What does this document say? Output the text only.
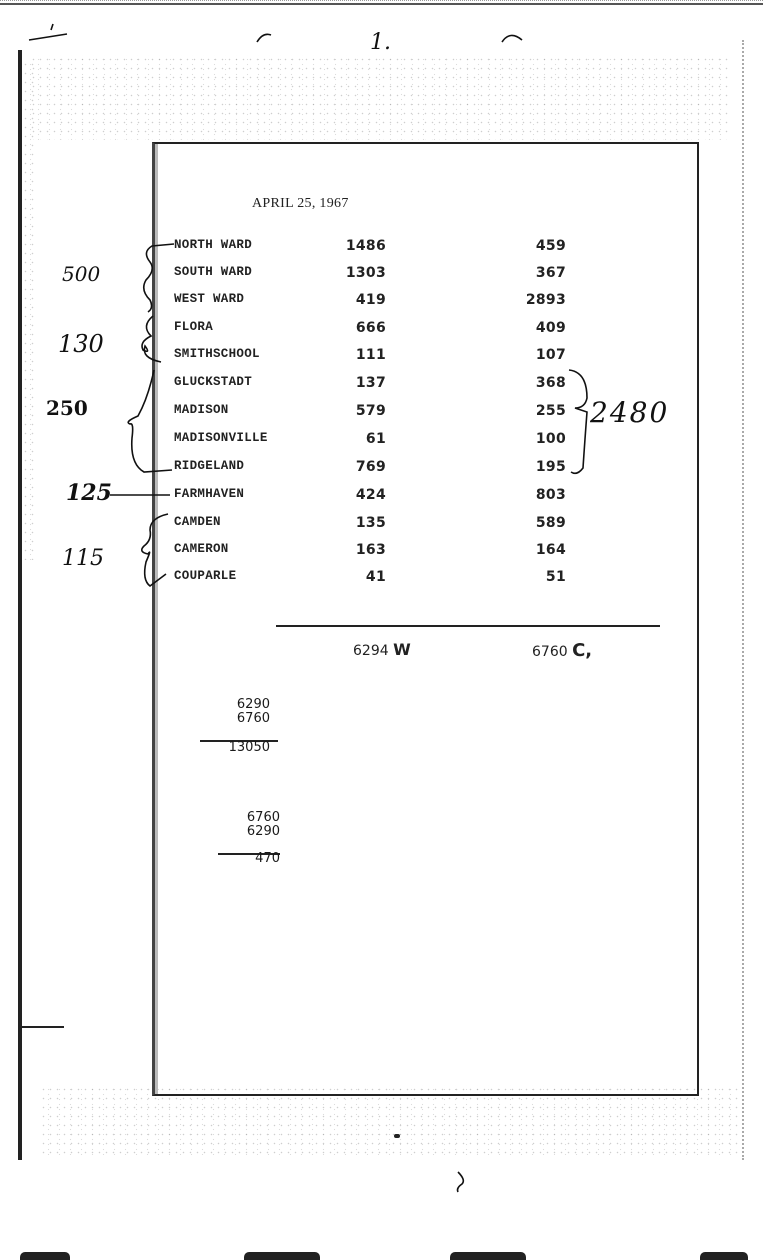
1.
APRIL 25, 1967
NORTH WARD	1486	459
SOUTH WARD	1303	367
WEST WARD	419	2893
FLORA	666	409
SMITHSCHOOL	111	107
GLUCKSTADT	137	368
MADISON	579	255
MADISONVILLE	61	100
RIDGELAND	769	195
FARMHAVEN	424	803
CAMDEN	135	589
CAMERON	163	164
COUPARLE	41	51
500
130
250
125
115
2480
6294 W	6760 C,
6290
6760
13050
6760
6290
470
